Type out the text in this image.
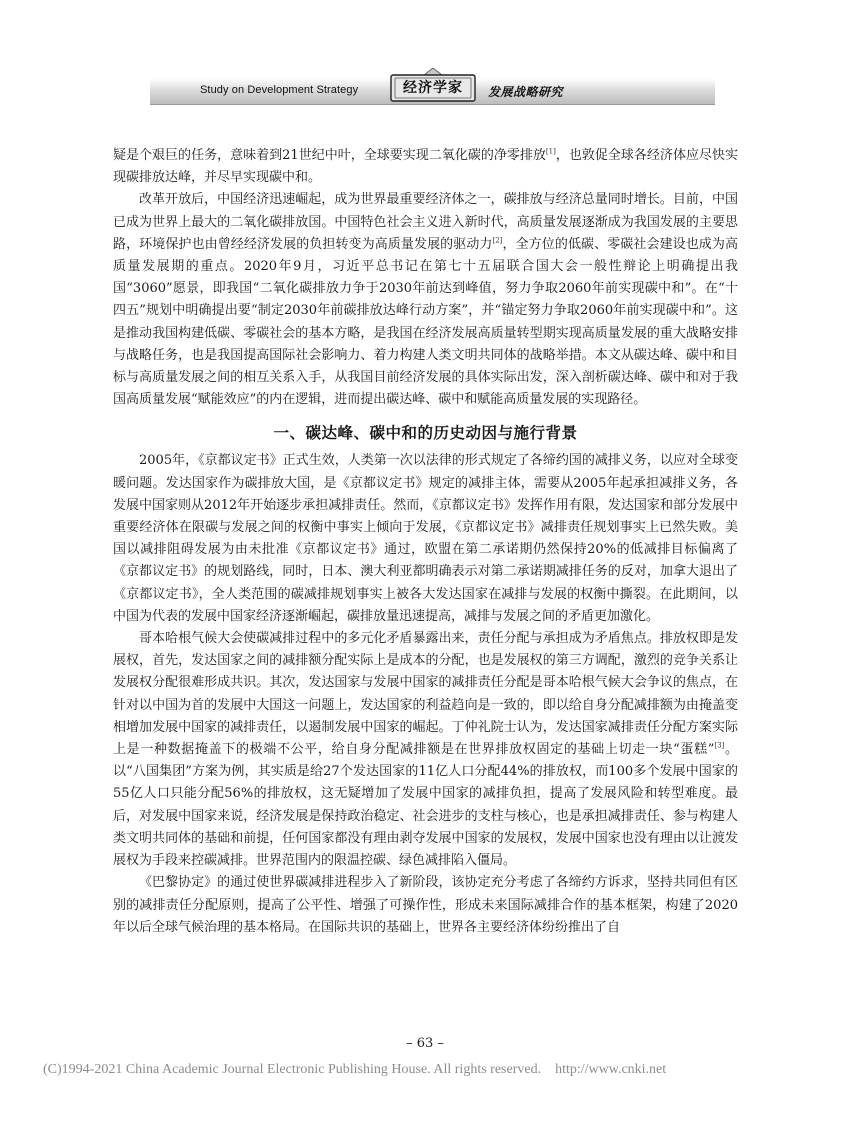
Study on Development Strategy	经济学家	发展战略研究

疑是个艰巨的任务，意味着到21世纪中叶，全球要实现二氧化碳的净零排放[1]，也敦促全球各经济体应尽快实现碳排放达峰，并尽早实现碳中和。

改革开放后，中国经济迅速崛起，成为世界最重要经济体之一，碳排放与经济总量同时增长。目前，中国已成为世界上最大的二氧化碳排放国。中国特色社会主义进入新时代，高质量发展逐渐成为我国发展的主要思路，环境保护也由曾经经济发展的负担转变为高质量发展的驱动力[2]，全方位的低碳、零碳社会建设也成为高质量发展期的重点。2020年9月，习近平总书记在第七十五届联合国大会一般性辩论上明确提出我国“3060”愿景，即我国“二氧化碳排放力争于2030年前达到峰值，努力争取2060年前实现碳中和”。在“十四五”规划中明确提出要“制定2030年前碳排放达峰行动方案”，并“锚定努力争取2060年前实现碳中和”。这是推动我国构建低碳、零碳社会的基本方略，是我国在经济发展高质量转型期实现高质量发展的重大战略安排与战略任务，也是我国提高国际社会影响力、着力构建人类文明共同体的战略举措。本文从碳达峰、碳中和目标与高质量发展之间的相互关系入手，从我国目前经济发展的具体实际出发，深入剖析碳达峰、碳中和对于我国高质量发展“赋能效应”的内在逻辑，进而提出碳达峰、碳中和赋能高质量发展的实现路径。

一、碳达峰、碳中和的历史动因与施行背景

2005年，《京都议定书》正式生效，人类第一次以法律的形式规定了各缔约国的减排义务，以应对全球变暖问题。发达国家作为碳排放大国，是《京都议定书》规定的减排主体，需要从2005年起承担减排义务，各发展中国家则从2012年开始逐步承担减排责任。然而，《京都议定书》发挥作用有限，发达国家和部分发展中重要经济体在限碳与发展之间的权衡中事实上倾向于发展，《京都议定书》减排责任规划事实上已然失败。美国以减排阻碍发展为由未批准《京都议定书》通过，欧盟在第二承诺期仍然保持20%的低减排目标偏离了《京都议定书》的规划路线，同时，日本、澳大利亚都明确表示对第二承诺期减排任务的反对，加拿大退出了《京都议定书》，全人类范围的碳减排规划事实上被各大发达国家在减排与发展的权衡中撕裂。在此期间，以中国为代表的发展中国家经济逐渐崛起，碳排放量迅速提高，减排与发展之间的矛盾更加激化。

哥本哈根气候大会使碳减排过程中的多元化矛盾暴露出来，责任分配与承担成为矛盾焦点。排放权即是发展权，首先，发达国家之间的减排额分配实际上是成本的分配，也是发展权的第三方调配，激烈的竞争关系让发展权分配很难形成共识。其次，发达国家与发展中国家的减排责任分配是哥本哈根气候大会争议的焦点，在针对以中国为首的发展中大国这一问题上，发达国家的利益趋向是一致的，即以给自身分配减排额为由掩盖变相增加发展中国家的减排责任，以遏制发展中国家的崛起。丁仲礼院士认为，发达国家减排责任分配方案实际上是一种数据掩盖下的极端不公平，给自身分配减排额是在世界排放权固定的基础上切走一块“蛋糕”[3]。以“八国集团”方案为例，其实质是给27个发达国家的11亿人口分配44%的排放权，而100多个发展中国家的55亿人口只能分配56%的排放权，这无疑增加了发展中国家的减排负担，提高了发展风险和转型难度。最后，对发展中国家来说，经济发展是保持政治稳定、社会进步的支柱与核心，也是承担减排责任、参与构建人类文明共同体的基础和前提，任何国家都没有理由剥夺发展中国家的发展权，发展中国家也没有理由以让渡发展权为手段来控碳减排。世界范围内的限温控碳、绿色减排陷入僵局。

《巴黎协定》的通过使世界碳减排进程步入了新阶段，该协定充分考虑了各缔约方诉求，坚持共同但有区别的减排责任分配原则，提高了公平性、增强了可操作性，形成未来国际减排合作的基本框架，构建了2020年以后全球气候治理的基本格局。在国际共识的基础上，世界各主要经济体纷纷推出了自

– 63 –
(C)1994-2021 China Academic Journal Electronic Publishing House. All rights reserved. http://www.cnki.net
